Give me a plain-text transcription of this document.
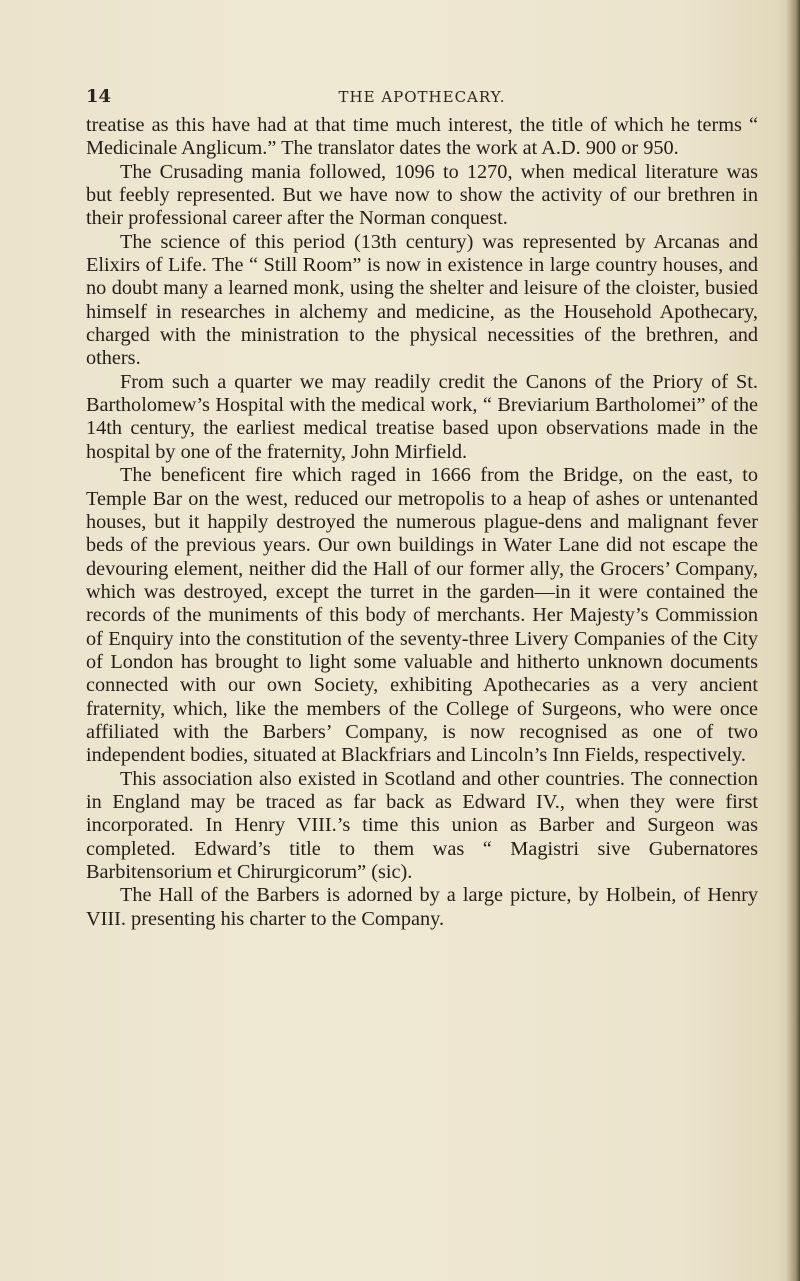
14	THE APOTHECARY.

treatise as this have had at that time much interest, the title of which he terms “ Medicinale Anglicum.” The translator dates the work at A.D. 900 or 950.

The Crusading mania followed, 1096 to 1270, when medical literature was but feebly represented. But we have now to show the activity of our brethren in their professional career after the Norman conquest.

The science of this period (13th century) was represented by Arcanas and Elixirs of Life. The “ Still Room” is now in existence in large country houses, and no doubt many a learned monk, using the shelter and leisure of the cloister, busied himself in researches in alchemy and medicine, as the Household Apothecary, charged with the ministration to the physical necessities of the brethren, and others.

From such a quarter we may readily credit the Canons of the Priory of St. Bartholomew’s Hospital with the medical work, “ Breviarium Bartholomei” of the 14th century, the earliest medical treatise based upon observations made in the hospital by one of the fraternity, John Mirfield.

The beneficent fire which raged in 1666 from the Bridge, on the east, to Temple Bar on the west, reduced our metropolis to a heap of ashes or untenanted houses, but it happily destroyed the numerous plague-dens and malignant fever beds of the previous years. Our own buildings in Water Lane did not escape the devouring element, neither did the Hall of our former ally, the Grocers’ Company, which was destroyed, except the turret in the garden—in it were contained the records of the muniments of this body of merchants. Her Majesty’s Commission of Enquiry into the constitution of the seventy-three Livery Companies of the City of London has brought to light some valuable and hitherto unknown documents connected with our own Society, exhibiting Apothecaries as a very ancient fraternity, which, like the members of the College of Surgeons, who were once affiliated with the Barbers’ Company, is now recognised as one of two independent bodies, situated at Blackfriars and Lincoln’s Inn Fields, respectively.

This association also existed in Scotland and other countries. The connection in England may be traced as far back as Edward IV., when they were first incorporated. In Henry VIII.’s time this union as Barber and Surgeon was completed. Edward’s title to them was “ Magistri sive Gubernatores Barbitensorium et Chirurgicorum” (sic).

The Hall of the Barbers is adorned by a large picture, by Holbein, of Henry VIII. presenting his charter to the Company.
